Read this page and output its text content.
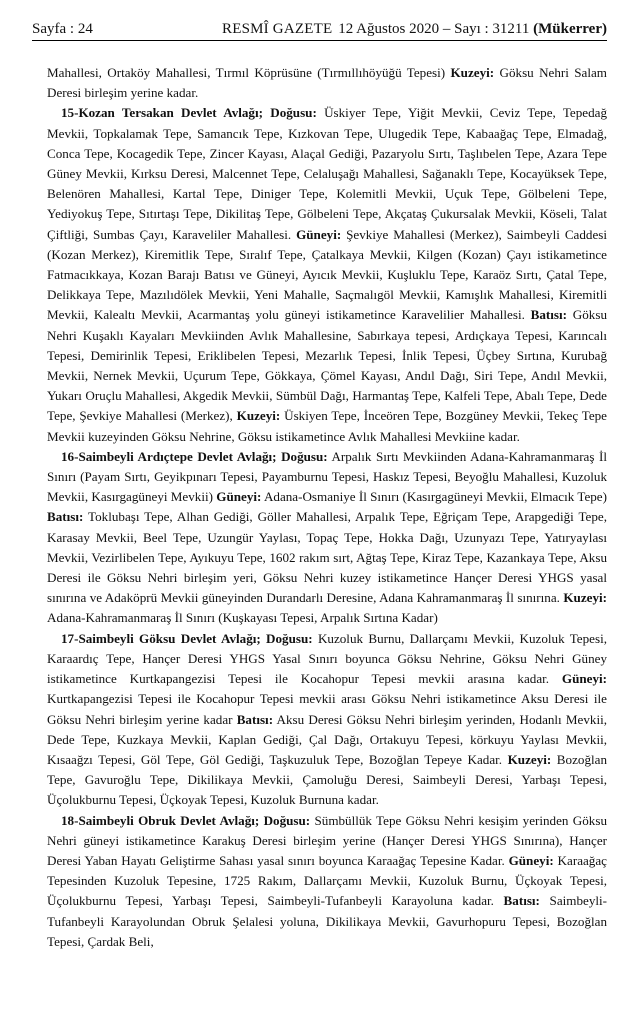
Sayfa : 24	RESMÎ GAZETE 12 Ağustos 2020 – Sayı : 31211 (Mükerrer)

Mahallesi, Ortaköy Mahallesi, Tırmıl Köprüsüne (Tırmıllıhöyüğü Tepesi) Kuzeyi: Göksu Nehri Salam Deresi birleşim yerine kadar.

15-Kozan Tersakan Devlet Avlağı; Doğusu: Üskiyer Tepe, Yiğit Mevkii, Ceviz Tepe, Tepedağ Mevkii, Topkalamak Tepe, Samancık Tepe, Kızkovan Tepe, Ulugedik Tepe, Kabaağaç Tepe, Elmadağ, Conca Tepe, Kocagedik Tepe, Zincer Kayası, Alaçal Gediği, Pazaryolu Sırtı, Taşlıbelen Tepe, Azara Tepe Güney Mevkii, Kırksu Deresi, Malcennet Tepe, Celaluşağı Mahallesi, Sağanaklı Tepe, Kocayüksek Tepe, Belenören Mahallesi, Kartal Tepe, Diniger Tepe, Kolemitli Mevkii, Uçuk Tepe, Gölbeleni Tepe, Yediyokuş Tepe, Sıtırtaşı Tepe, Dikilitaş Tepe, Gölbeleni Tepe, Akçataş Çukursalak Mevkii, Köseli, Talat Çiftliği, Sumbas Çayı, Karaveliler Mahallesi. Güneyi: Şevkiye Mahallesi (Merkez), Saimbeyli Caddesi (Kozan Merkez), Kiremitlik Tepe, Sıralıf Tepe, Çatalkaya Mevkii, Kilgen (Kozan) Çayı istikametince Fatmacıkkaya, Kozan Barajı Batısı ve Güneyi, Ayıcık Mevkii, Kuşluklu Tepe, Karaöz Sırtı, Çatal Tepe, Delikkaya Tepe, Mazılıdölek Mevkii, Yeni Mahalle, Saçmalıgöl Mevkii, Kamışlık Mahallesi, Kiremitli Mevkii, Kalealtı Mevkii, Acarmantaş yolu güneyi istikametince Karavelilier Mahallesi. Batısı: Göksu Nehri Kuşaklı Kayaları Mevkiinden Avlık Mahallesine, Sabırkaya tepesi, Ardıçkaya Tepesi, Karıncalı Tepesi, Demirinlik Tepesi, Eriklibelen Tepesi, Mezarlık Tepesi, İnlik Tepesi, Üçbey Sırtına, Kurubağ Mevkii, Nernek Mevkii, Uçurum Tepe, Gökkaya, Çömel Kayası, Andıl Dağı, Siri Tepe, Andıl Mevkii, Yukarı Oruçlu Mahallesi, Akgedik Mevkii, Sümbül Dağı, Harmantaş Tepe, Kalfeli Tepe, Abalı Tepe, Dede Tepe, Şevkiye Mahallesi (Merkez), Kuzeyi: Üskiyen Tepe, İnceören Tepe, Bozgüney Mevkii, Tekeç Tepe Mevkii kuzeyinden Göksu Nehrine, Göksu istikametince Avlık Mahallesi Mevkiine kadar.

16-Saimbeyli Ardıçtepe Devlet Avlağı; Doğusu: Arpalık Sırtı Mevkiinden Adana-Kahramanmaraş İl Sınırı (Payam Sırtı, Geyikpınarı Tepesi, Payamburnu Tepesi, Haskız Tepesi, Beyoğlu Mahallesi, Kuzoluk Mevkii, Kasırgagüneyi Mevkii) Güneyi: Adana-Osmaniye İl Sınırı (Kasırgagüneyi Mevkii, Elmacık Tepe) Batısı: Toklubaşı Tepe, Alhan Gediği, Göller Mahallesi, Arpalık Tepe, Eğriçam Tepe, Arapgediği Tepe, Karasay Mevkii, Beel Tepe, Uzungür Yaylası, Topaç Tepe, Hokka Dağı, Uzunyazı Tepe, Yatıryaylası Mevkii, Vezirlibelen Tepe, Ayıkuyu Tepe, 1602 rakım sırt, Ağtaş Tepe, Kiraz Tepe, Kazankaya Tepe, Aksu Deresi ile Göksu Nehri birleşim yeri, Göksu Nehri kuzey istikametince Hançer Deresi YHGS yasal sınırına ve Adaköprü Mevkii güneyinden Durandarlı Deresine, Adana Kahramanmaraş İl sınırına. Kuzeyi: Adana-Kahramanmaraş İl Sınırı (Kuşkayası Tepesi, Arpalık Sırtına Kadar)

17-Saimbeyli Göksu Devlet Avlağı; Doğusu: Kuzoluk Burnu, Dallarçamı Mevkii, Kuzoluk Tepesi, Karaardıç Tepe, Hançer Deresi YHGS Yasal Sınırı boyunca Göksu Nehrine, Göksu Nehri Güney istikametince Kurtkapangezisi Tepesi ile Kocahopur Tepesi mevkii arasına kadar. Güneyi: Kurtkapangezisi Tepesi ile Kocahopur Tepesi mevkii arası Göksu Nehri istikametince Aksu Deresi ile Göksu Nehri birleşim yerine kadar Batısı: Aksu Deresi Göksu Nehri birleşim yerinden, Hodanlı Mevkii, Dede Tepe, Kuzkaya Mevkii, Kaplan Gediği, Çal Dağı, Ortakuyu Tepesi, körkuyu Yaylası Mevkii, Kısaağzı Tepesi, Göl Tepe, Göl Gediği, Taşkuzuluk Tepe, Bozoğlan Tepeye Kadar. Kuzeyi: Bozoğlan Tepe, Gavuroğlu Tepe, Dikilikaya Mevkii, Çamoluğu Deresi, Saimbeyli Deresi, Yarbaşı Tepesi, Üçolukburnu Tepesi, Üçkoyak Tepesi, Kuzoluk Burnuna kadar.

18-Saimbeyli Obruk Devlet Avlağı; Doğusu: Sümbüllük Tepe Göksu Nehri kesişim yerinden Göksu Nehri güneyi istikametince Karakuş Deresi birleşim yerine (Hançer Deresi YHGS Sınırına), Hançer Deresi Yaban Hayatı Geliştirme Sahası yasal sınırı boyunca Karaağaç Tepesine Kadar. Güneyi: Karaağaç Tepesinden Kuzoluk Tepesine, 1725 Rakım, Dallarçamı Mevkii, Kuzoluk Burnu, Üçkoyak Tepesi, Üçolukburnu Tepesi, Yarbaşı Tepesi, Saimbeyli-Tufanbeyli Karayoluna kadar. Batısı: Saimbeyli-Tufanbeyli Karayolundan Obruk Şelalesi yoluna, Dikilikaya Mevkii, Gavurhopuru Tepesi, Bozoğlan Tepesi, Çardak Beli,
